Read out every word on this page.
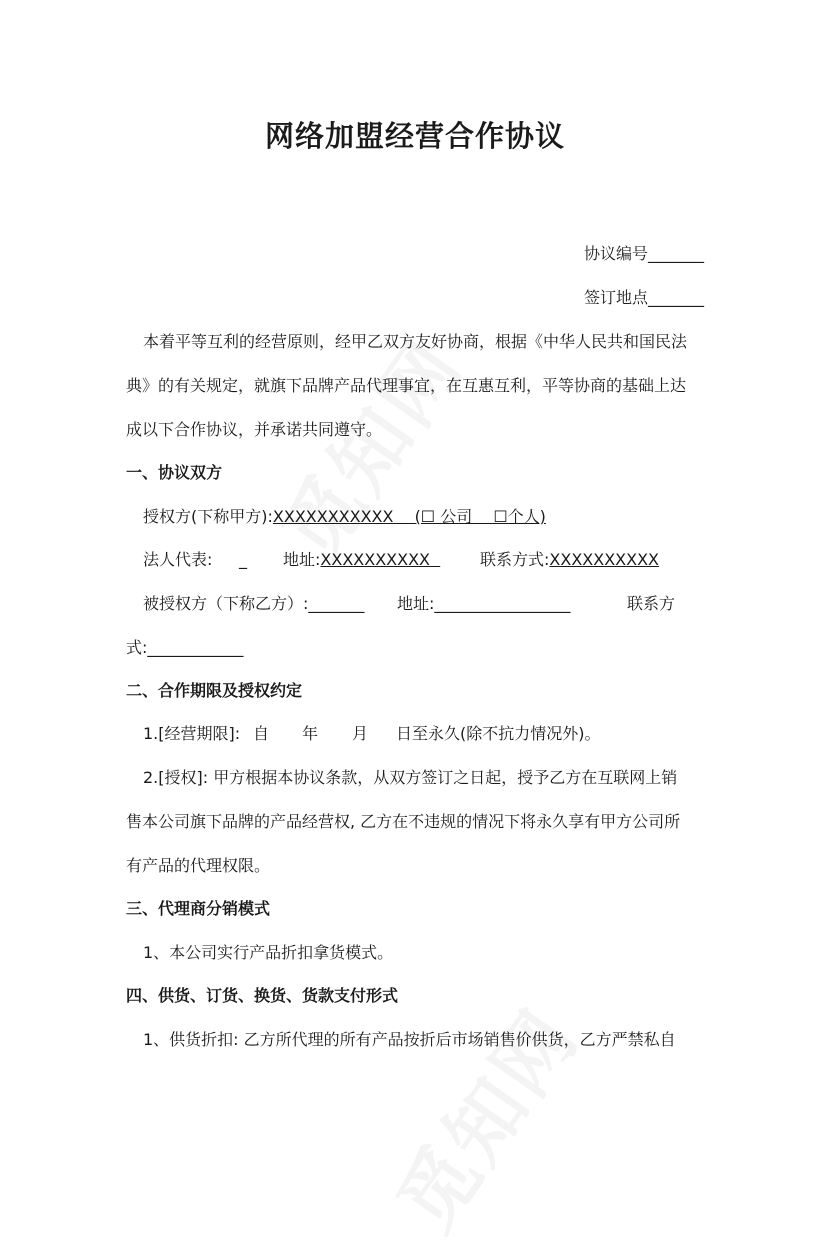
网络加盟经营合作协议
协议编号_______
签订地点_______
本着平等互利的经营原则，经甲乙双方友好协商，根据《中华人民共和国民法
典》的有关规定，就旗下品牌产品代理事宜，在互惠互利，平等协商的基础上达
成以下合作协议，并承诺共同遵守。
一、协议双方
授权方(下称甲方):XXXXXXXXXXX　 (☐ 公司　 ☐个人)
法人代表: _ 地址:XXXXXXXXXX	联系方式:XXXXXXXXXX
被授权方（下称乙方）:_______ 地址:_________________	联系方
式:____________
二、合作期限及授权约定
1.[经营期限]: 自 年 月 日至永久(除不抗力情况外)。
2.[授权]: 甲方根据本协议条款，从双方签订之日起，授予乙方在互联网上销
售本公司旗下品牌的产品经营权, 乙方在不违规的情况下将永久享有甲方公司所
有产品的代理权限。
三、代理商分销模式
1、本公司实行产品折扣拿货模式。
四、供货、订货、换货、货款支付形式
1、供货折扣: 乙方所代理的所有产品按折后市场销售价供货，乙方严禁私自
